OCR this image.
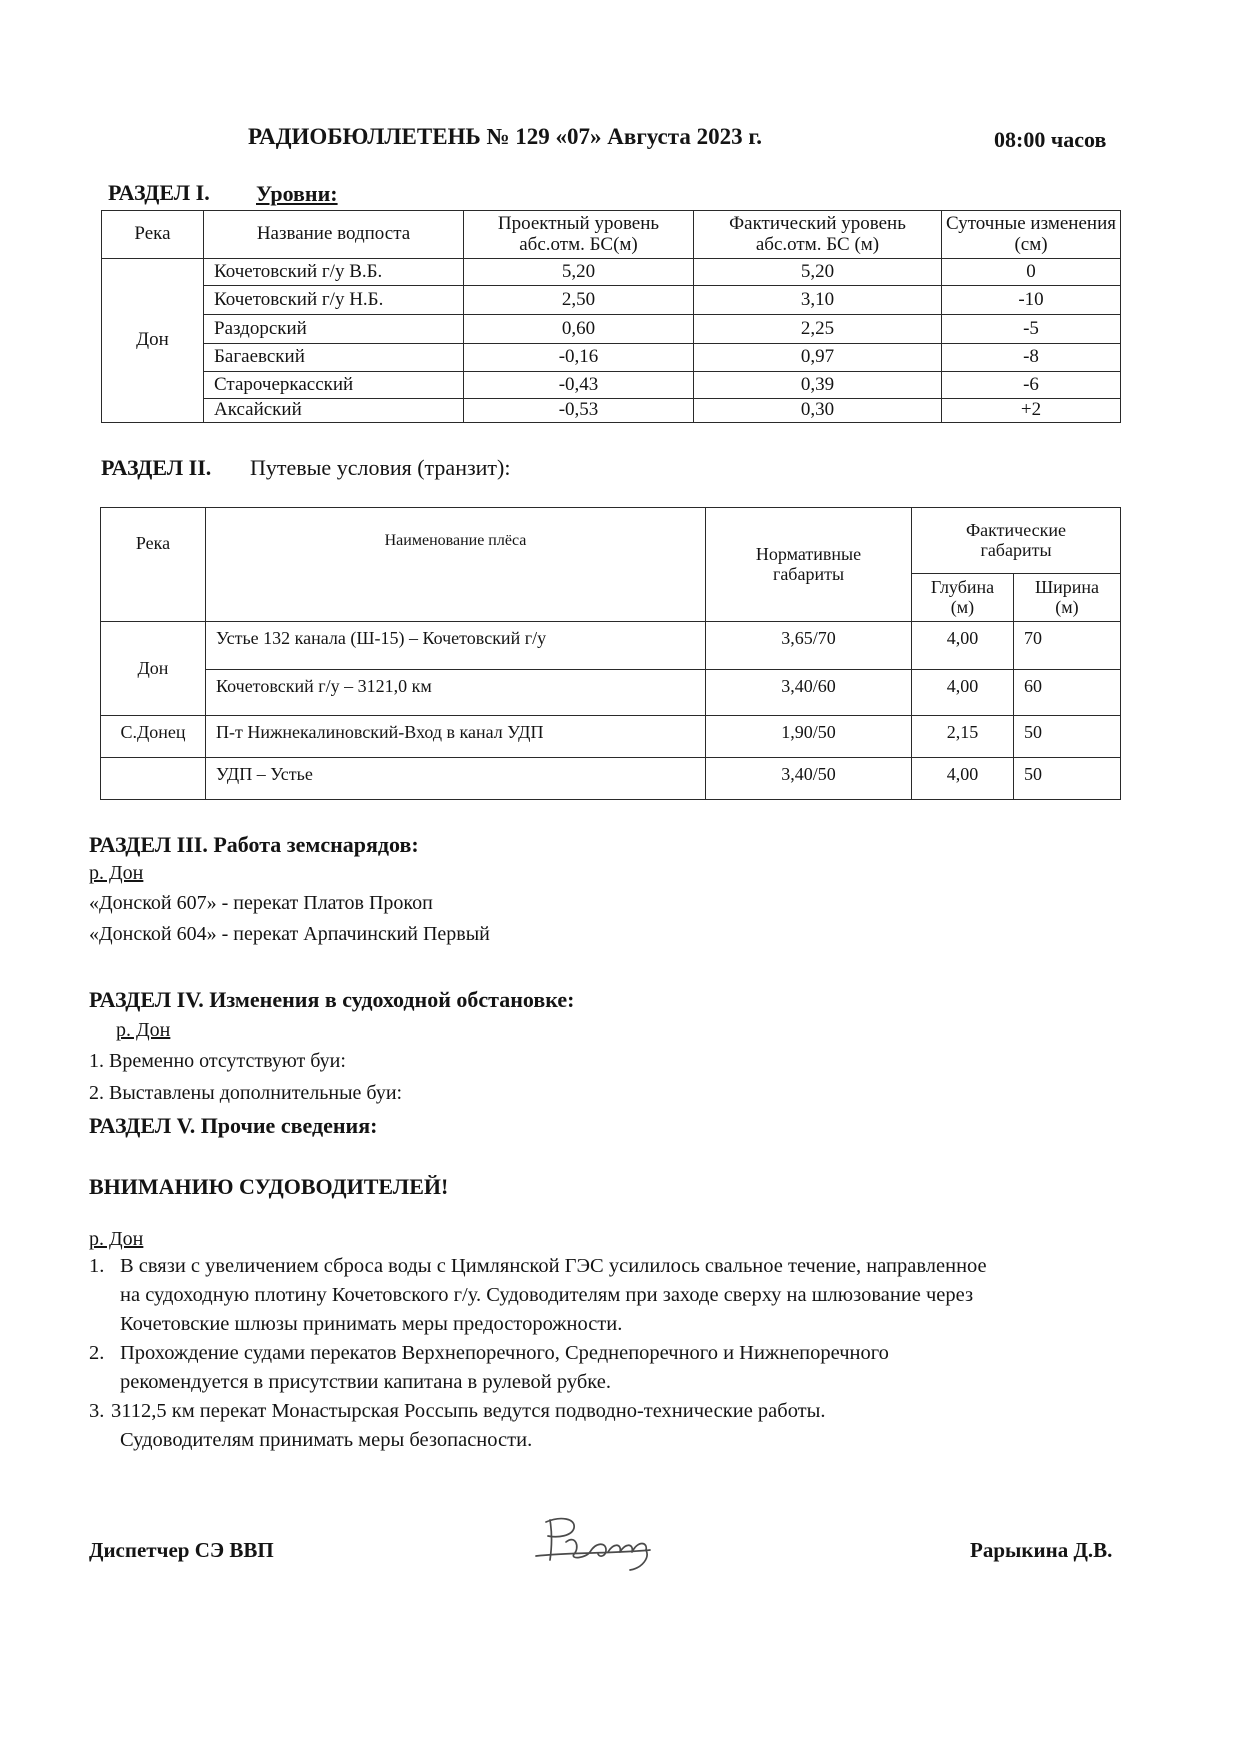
РАДИОБЮЛЛЕТЕНЬ № 129 «07» Августа 2023 г.	08:00 часов
РАЗДЕЛ I. Уровни:
Река	Название водпоста	Проектный уровень абс.отм. БС(м)	Фактический уровень абс.отм. БС (м)	Суточные изменения (см)
Дон	Кочетовский г/у В.Б.	5,20	5,20	0
	Кочетовский г/у Н.Б.	2,50	3,10	-10
	Раздорский	0,60	2,25	-5
	Багаевский	-0,16	0,97	-8
	Старочеркасский	-0,43	0,39	-6
	Аксайский	-0,53	0,30	+2
РАЗДЕЛ II. Путевые условия (транзит):
Река	Наименование плёса	Нормативные габариты	Фактические габариты	
			Глубина (м)	Ширина (м)
Дон	Устье 132 канала (Ш-15) – Кочетовский г/у	3,65/70	4,00	70
	Кочетовский г/у – 3121,0 км	3,40/60	4,00	60
С.Донец	П-т Нижнекалиновский-Вход в канал УДП	1,90/50	2,15	50
	УДП – Устье	3,40/50	4,00	50
РАЗДЕЛ III. Работа земснарядов:
р. Дон
«Донской 607» - перекат Платов Прокоп
«Донской 604» - перекат Арпачинский Первый
РАЗДЕЛ IV. Изменения в судоходной обстановке:
р. Дон
1. Временно отсутствуют буи:
2. Выставлены дополнительные буи:
РАЗДЕЛ V. Прочие сведения:
ВНИМАНИЮ СУДОВОДИТЕЛЕЙ!
р. Дон
1. В связи с увеличением сброса воды с Цимлянской ГЭС усилилось свальное течение, направленное
на судоходную плотину Кочетовского г/у. Судоводителям при заходе сверху на шлюзование через
Кочетовские шлюзы принимать меры предосторожности.
2. Прохождение судами перекатов Верхнепоречного, Среднепоречного и Нижнепоречного
рекомендуется в присутствии капитана в рулевой рубке.
3. 3112,5 км перекат Монастырская Россыпь ведутся подводно-технические работы.
Судоводителям принимать меры безопасности.
Диспетчер СЭ ВВП	Рарыкина Д.В.
